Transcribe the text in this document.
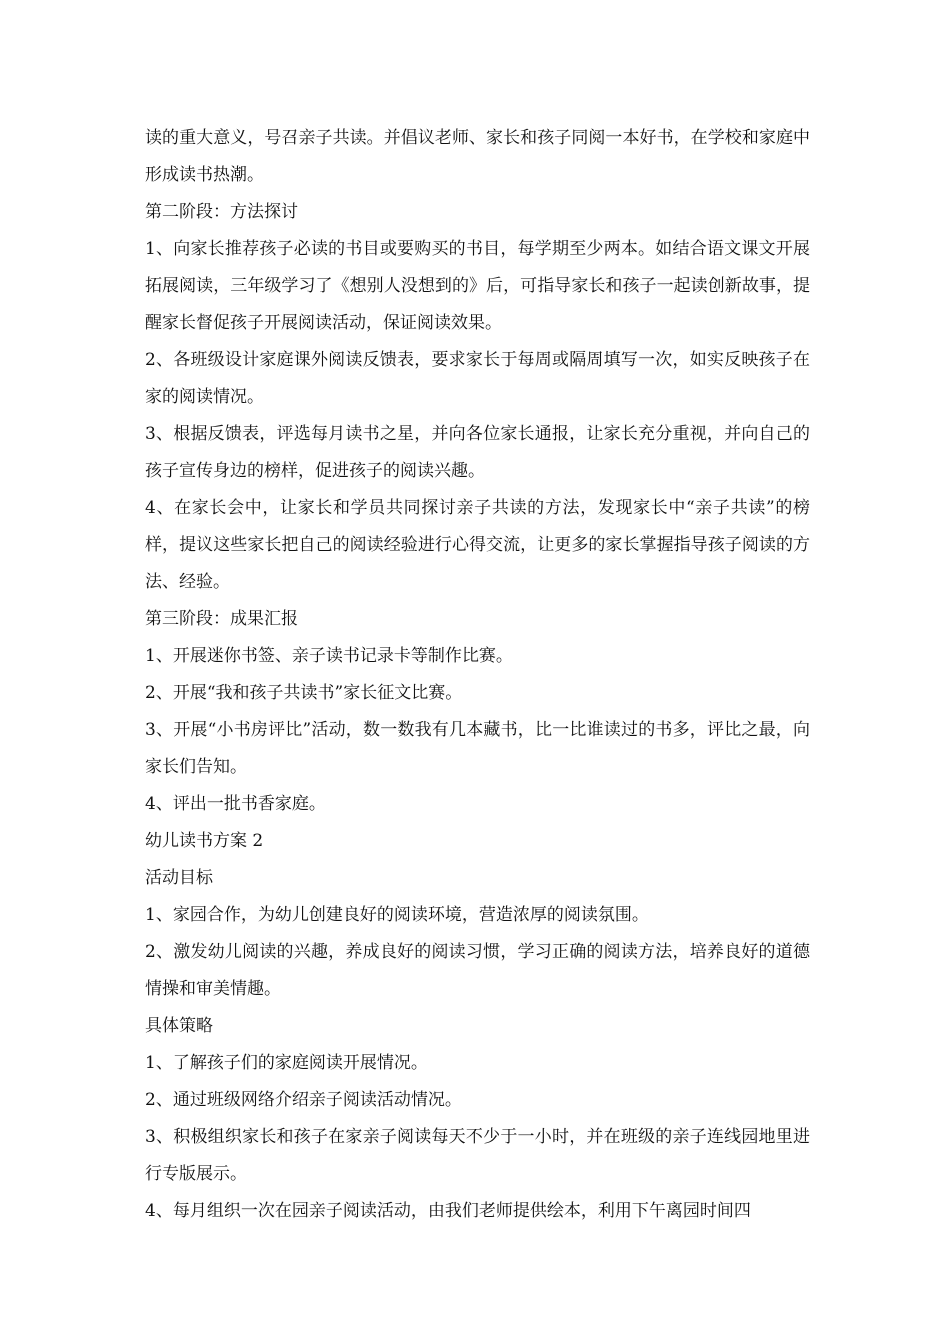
读的重大意义，号召亲子共读。并倡议老师、家长和孩子同阅一本好书，在学校和家庭中形成读书热潮。

第二阶段：方法探讨

1、向家长推荐孩子必读的书目或要购买的书目，每学期至少两本。如结合语文课文开展拓展阅读，三年级学习了《想别人没想到的》后，可指导家长和孩子一起读创新故事，提醒家长督促孩子开展阅读活动，保证阅读效果。

2、各班级设计家庭课外阅读反馈表，要求家长于每周或隔周填写一次，如实反映孩子在家的阅读情况。

3、根据反馈表，评选每月读书之星，并向各位家长通报，让家长充分重视，并向自己的孩子宣传身边的榜样，促进孩子的阅读兴趣。

4、在家长会中，让家长和学员共同探讨亲子共读的方法，发现家长中“亲子共读”的榜样，提议这些家长把自己的阅读经验进行心得交流，让更多的家长掌握指导孩子阅读的方法、经验。

第三阶段：成果汇报

1、开展迷你书签、亲子读书记录卡等制作比赛。

2、开展“我和孩子共读书”家长征文比赛。

3、开展“小书房评比”活动，数一数我有几本藏书，比一比谁读过的书多，评比之最，向家长们告知。

4、评出一批书香家庭。

幼儿读书方案 2

活动目标

1、家园合作，为幼儿创建良好的阅读环境，营造浓厚的阅读氛围。

2、激发幼儿阅读的兴趣，养成良好的阅读习惯，学习正确的阅读方法，培养良好的道德情操和审美情趣。

具体策略

1、了解孩子们的家庭阅读开展情况。

2、通过班级网络介绍亲子阅读活动情况。

3、积极组织家长和孩子在家亲子阅读每天不少于一小时，并在班级的亲子连线园地里进行专版展示。

4、每月组织一次在园亲子阅读活动，由我们老师提供绘本，利用下午离园时间四
